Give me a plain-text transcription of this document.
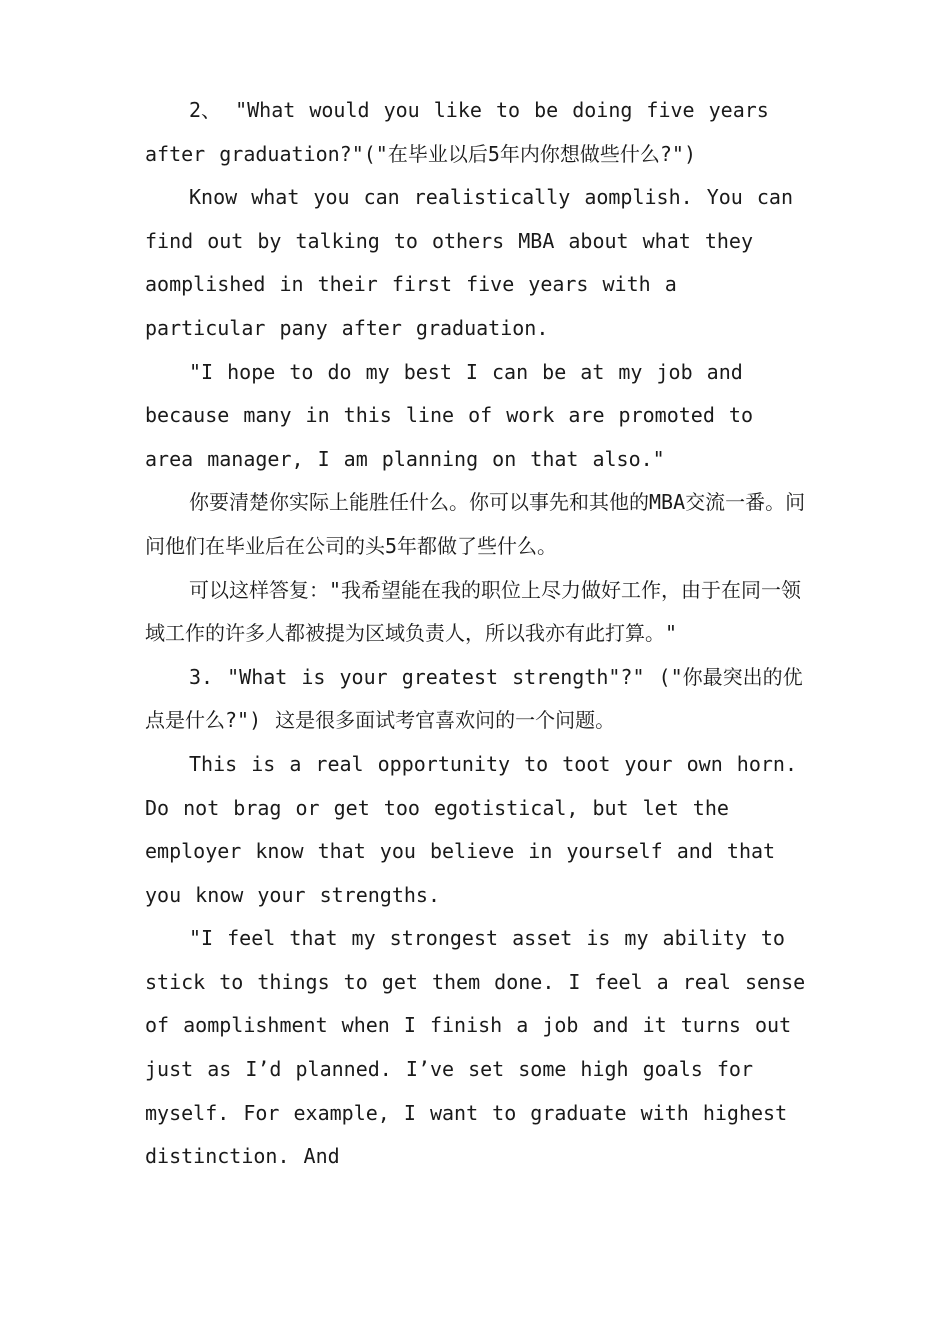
2、 "What would you like to be doing five years after graduation?"("在毕业以后5年内你想做些什么?")

Know what you can realistically aomplish. You can find out by talking to others MBA about what they aomplished in their first five years with a particular pany after graduation.

"I hope to do my best I can be at my job and because many in this line of work are promoted to area manager, I am planning on that also."

你要清楚你实际上能胜任什么。你可以事先和其他的MBA交流一番。问问他们在毕业后在公司的头5年都做了些什么。

可以这样答复："我希望能在我的职位上尽力做好工作，由于在同一领域工作的许多人都被提为区域负责人，所以我亦有此打算。"

3. "What is your greatest strength"?" ("你最突出的优点是什么?") 这是很多面试考官喜欢问的一个问题。

This is a real opportunity to toot your own horn. Do not brag or get too egotistical, but let the employer know that you believe in yourself and that you know your strengths.

"I feel that my strongest asset is my ability to stick to things to get them done. I feel a real sense of aomplishment when I finish a job and it turns out just as I’d planned. I’ve set some high goals for myself. For example, I want to graduate with highest distinction. And
